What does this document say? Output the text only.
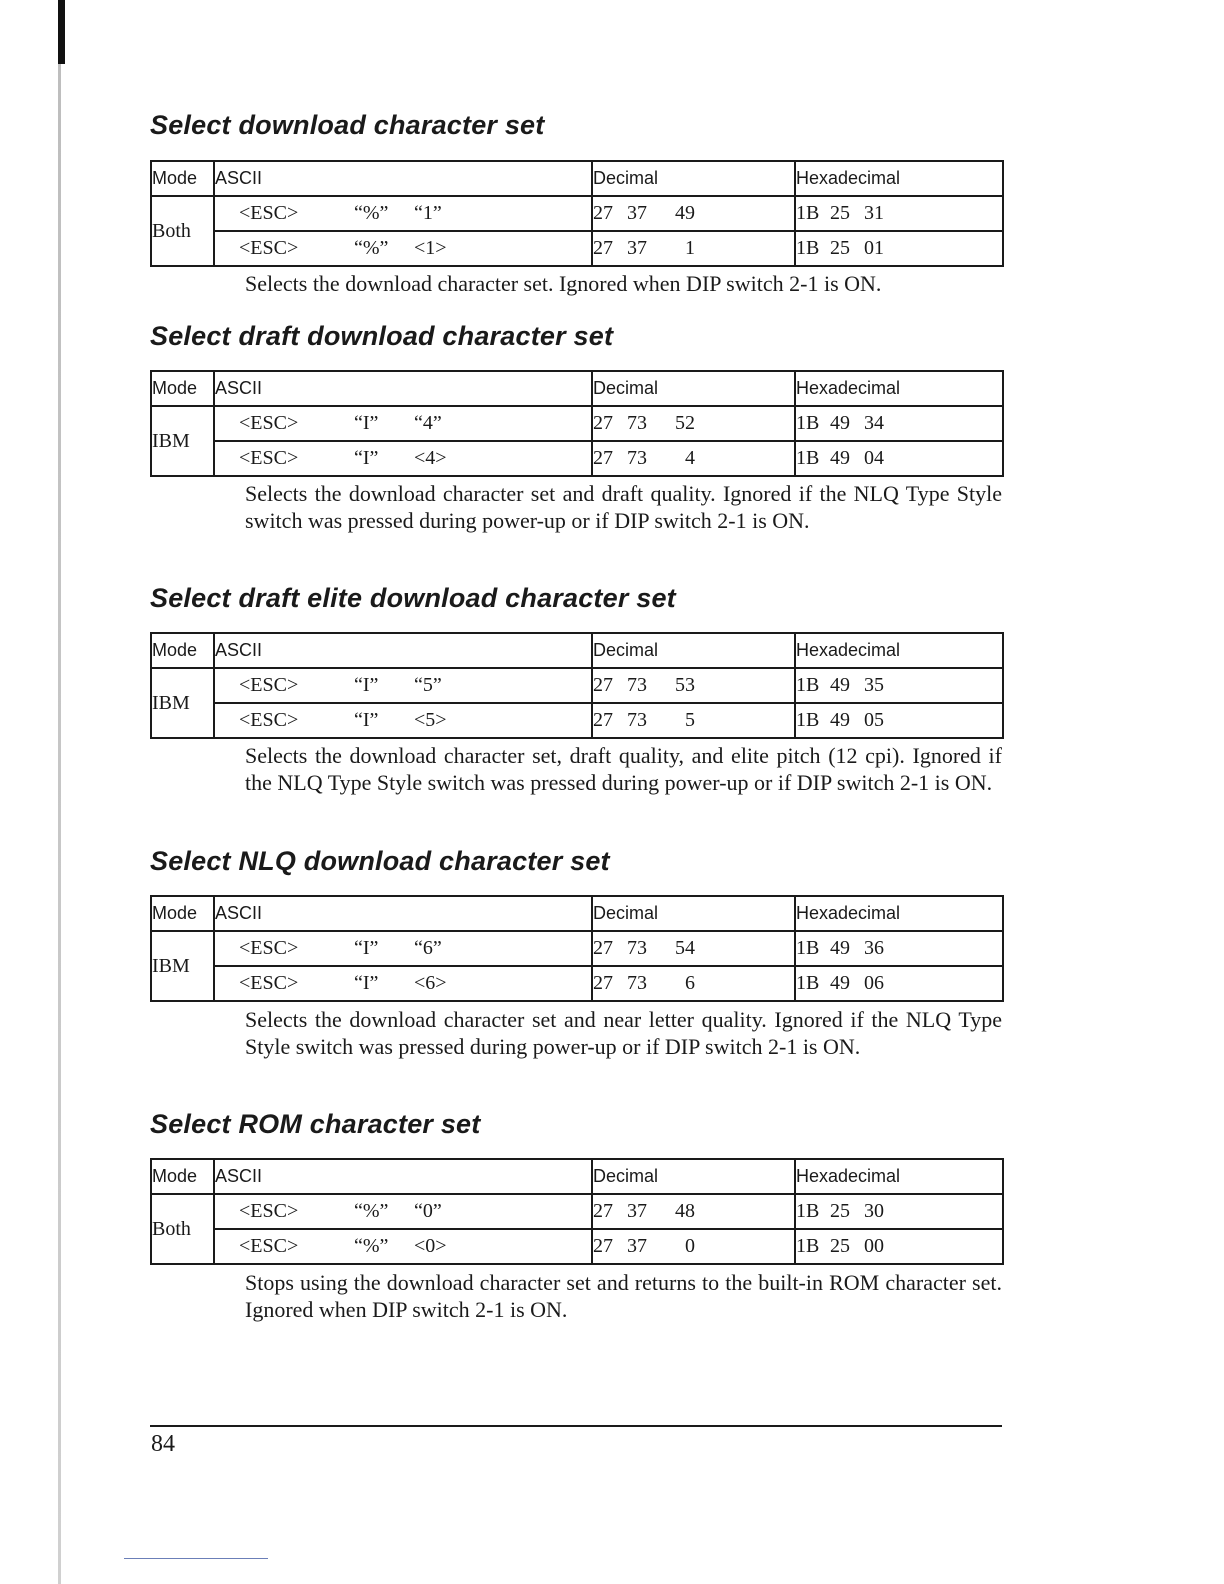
Select download character set
Mode	ASCII	Decimal	Hexadecimal
Both	<ESC> “%” “1”	27 37 49	1B 25 31
	<ESC> “%” <1>	27 37 1	1B 25 01

Selects the download character set. Ignored when DIP switch 2-1 is ON.

Select draft download character set
Mode	ASCII	Decimal	Hexadecimal
IBM	<ESC> “I” “4”	27 73 52	1B 49 34
	<ESC> “I” <4>	27 73 4	1B 49 04

Selects the download character set and draft quality. Ignored if the NLQ Type Style switch was pressed during power-up or if DIP switch 2-1 is ON.

Select draft elite download character set
Mode	ASCII	Decimal	Hexadecimal
IBM	<ESC> “I” “5”	27 73 53	1B 49 35
	<ESC> “I” <5>	27 73 5	1B 49 05

Selects the download character set, draft quality, and elite pitch (12 cpi). Ignored if the NLQ Type Style switch was pressed during power-up or if DIP switch 2-1 is ON.

Select NLQ download character set
Mode	ASCII	Decimal	Hexadecimal
IBM	<ESC> “I” “6”	27 73 54	1B 49 36
	<ESC> “I” <6>	27 73 6	1B 49 06

Selects the download character set and near letter quality. Ignored if the NLQ Type Style switch was pressed during power-up or if DIP switch 2-1 is ON.

Select ROM character set
Mode	ASCII	Decimal	Hexadecimal
Both	<ESC> “%” “0”	27 37 48	1B 25 30
	<ESC> “%” <0>	27 37 0	1B 25 00

Stops using the download character set and returns to the built-in ROM character set. Ignored when DIP switch 2-1 is ON.

84
